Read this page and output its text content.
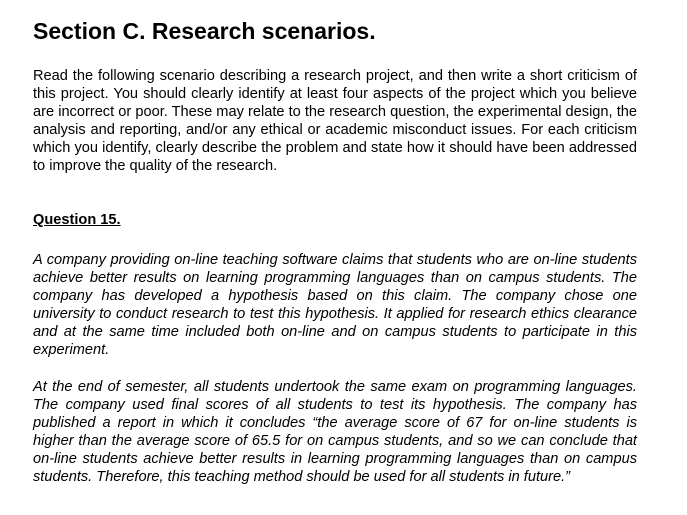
Section C. Research scenarios.

Read the following scenario describing a research project, and then write a short criticism of this project. You should clearly identify at least four aspects of the project which you believe are incorrect or poor. These may relate to the research question, the experimental design, the analysis and reporting, and/or any ethical or academic misconduct issues. For each criticism which you identify, clearly describe the problem and state how it should have been addressed to improve the quality of the research.

Question 15.

A company providing on-line teaching software claims that students who are on-line students achieve better results on learning programming languages than on campus students. The company has developed a hypothesis based on this claim. The company chose one university to conduct research to test this hypothesis. It applied for research ethics clearance and at the same time included both on-line and on campus students to participate in this experiment.

At the end of semester, all students undertook the same exam on programming languages. The company used final scores of all students to test its hypothesis. The company has published a report in which it concludes “the average score of 67 for on-line students is higher than the average score of 65.5 for on campus students, and so we can conclude that on-line students achieve better results in learning programming languages than on campus students. Therefore, this teaching method should be used for all students in future.”
